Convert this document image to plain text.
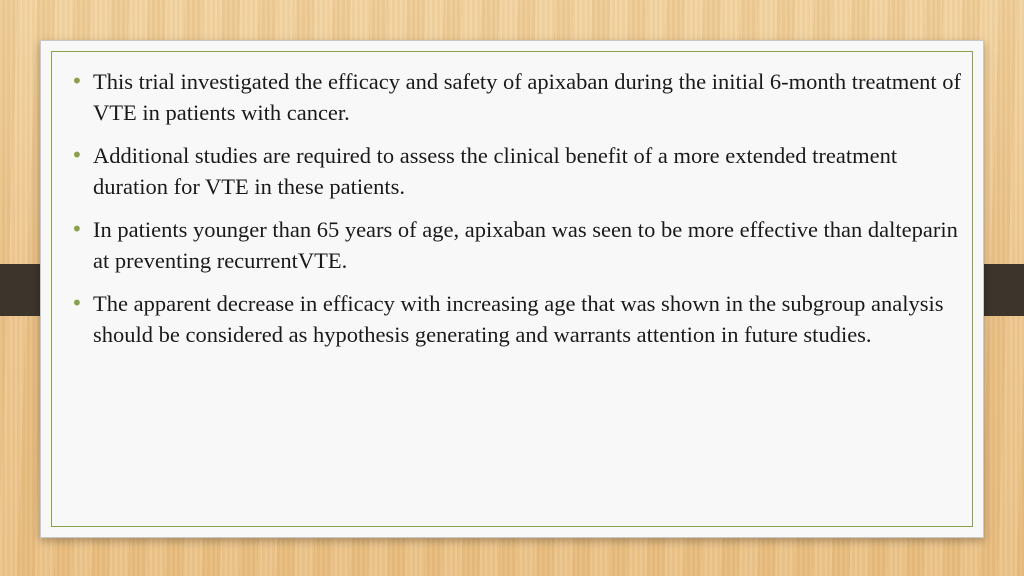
• This trial investigated the efficacy and safety of apixaban during the initial 6-month treatment of VTE in patients with cancer.
• Additional studies are required to assess the clinical benefit of a more extended treatment duration for VTE in these patients.
• In patients younger than 65 years of age, apixaban was seen to be more effective than dalteparin at preventing recurrentVTE.
• The apparent decrease in efficacy with increasing age that was shown in the subgroup analysis should be considered as hypothesis generating and warrants attention in future studies.
